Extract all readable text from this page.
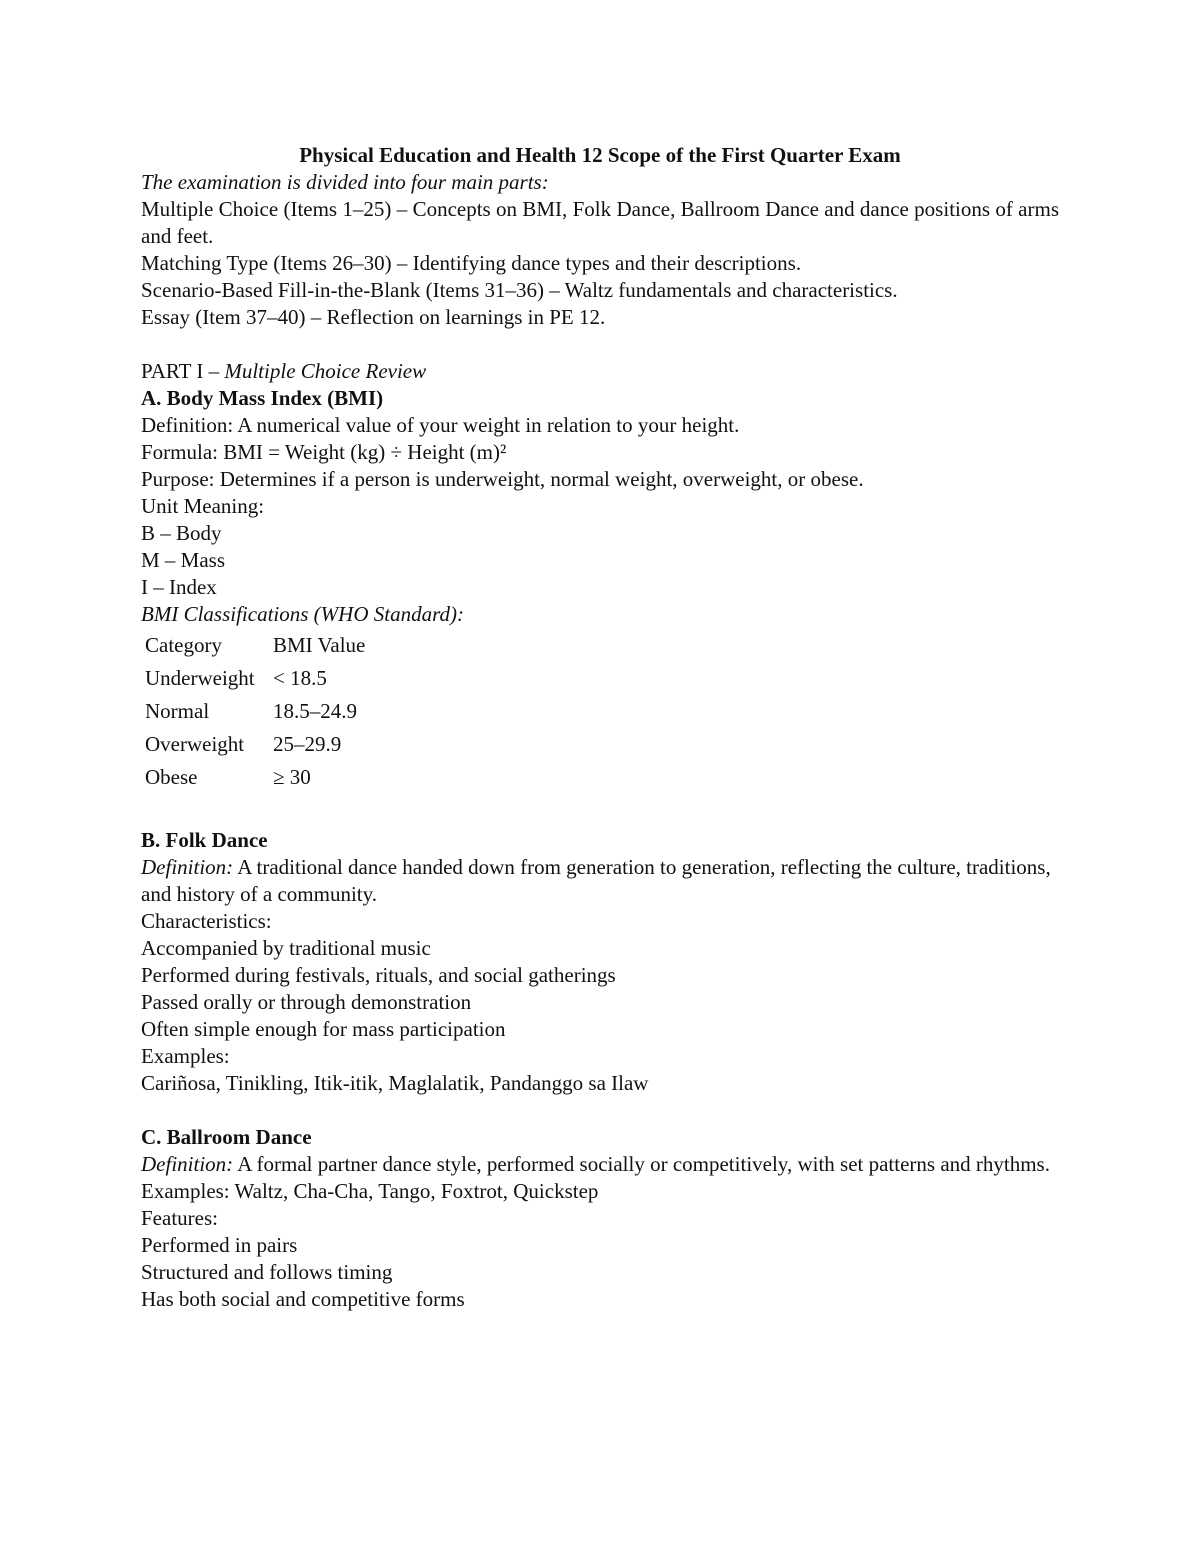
Physical Education and Health 12 Scope of the First Quarter Exam

The examination is divided into four main parts:

Multiple Choice (Items 1–25) – Concepts on BMI, Folk Dance, Ballroom Dance and dance positions of arms and feet.

Matching Type (Items 26–30) – Identifying dance types and their descriptions.

Scenario-Based Fill-in-the-Blank (Items 31–36) – Waltz fundamentals and characteristics.

Essay (Item 37–40) – Reflection on learnings in PE 12.

PART I – Multiple Choice Review

A. Body Mass Index (BMI)

Definition: A numerical value of your weight in relation to your height.

Formula: BMI = Weight (kg) ÷ Height (m)²

Purpose: Determines if a person is underweight, normal weight, overweight, or obese.

Unit Meaning:

B – Body

M – Mass

I – Index

BMI Classifications (WHO Standard):

Category	BMI Value
Underweight	< 18.5
Normal	18.5–24.9
Overweight	25–29.9
Obese	≥ 30

B. Folk Dance

Definition: A traditional dance handed down from generation to generation, reflecting the culture, traditions, and history of a community.

Characteristics:

Accompanied by traditional music

Performed during festivals, rituals, and social gatherings

Passed orally or through demonstration

Often simple enough for mass participation

Examples:

Cariñosa, Tinikling, Itik-itik, Maglalatik, Pandanggo sa Ilaw

C. Ballroom Dance

Definition: A formal partner dance style, performed socially or competitively, with set patterns and rhythms.

Examples: Waltz, Cha-Cha, Tango, Foxtrot, Quickstep

Features:

Performed in pairs

Structured and follows timing

Has both social and competitive forms
